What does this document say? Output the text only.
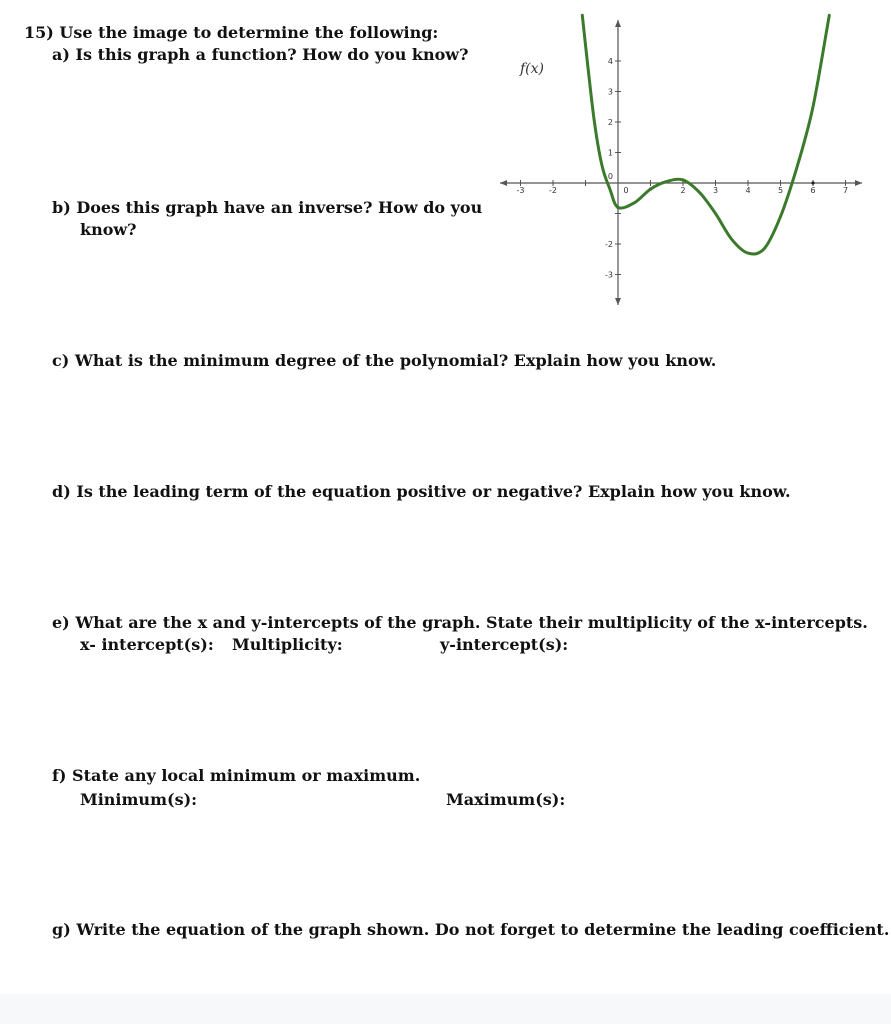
15) Use the image to determine the following:
a) Is this graph a function? How do you know?
b) Does this graph have an inverse? How do you
know?
c) What is the minimum degree of the polynomial? Explain how you know.
d) Is the leading term of the equation positive or negative? Explain how you know.
e) What are the x and y-intercepts of the graph. State their multiplicity of the x-intercepts.
x- intercept(s): Multiplicity:	y-intercept(s):
f) State any local minimum or maximum.
Minimum(s):	Maximum(s):
g) Write the equation of the graph shown. Do not forget to determine the leading coefficient.
-3	-2	0	2	3	4	5	6	7
4
3
2
1
0
-2
-3
f(x)
